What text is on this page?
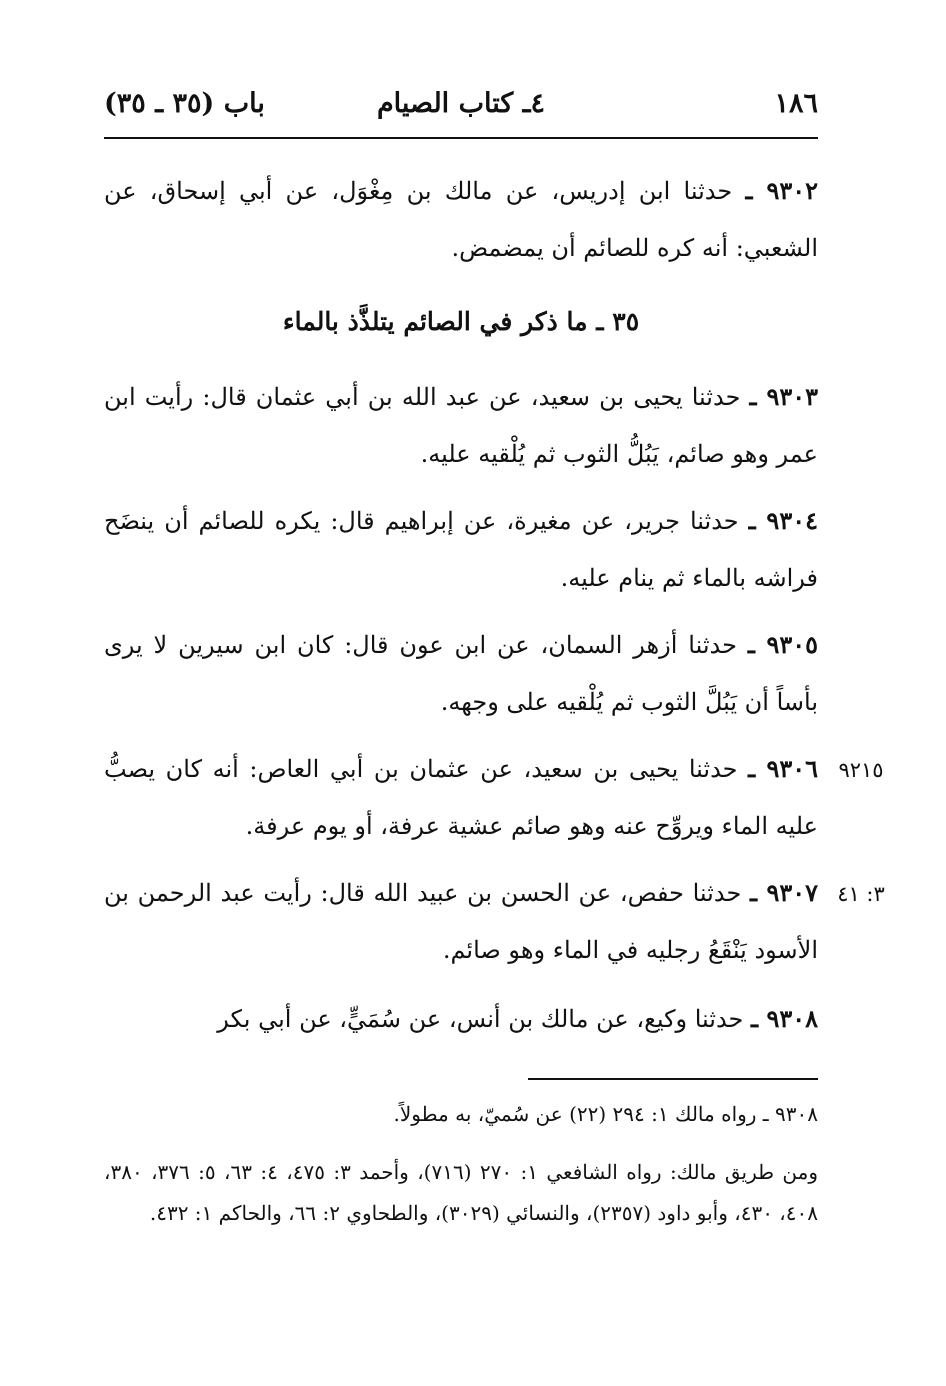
١٨٦
٤ـ كتاب الصيام
باب (٣٥ ـ ٣٥)
٩٣٠٢ ـ حدثنا ابن إدريس، عن مالك بن مِغْوَل، عن أبي إسحاق، عن الشعبي: أنه كره للصائم أن يمضمض.
٣٥ ـ ما ذكر في الصائم يتلذَّذ بالماء
٩٣٠٣ ـ حدثنا يحيى بن سعيد، عن عبد الله بن أبي عثمان قال: رأيت ابن عمر وهو صائم، يَبُلُّ الثوب ثم يُلْقيه عليه.
٩٣٠٤ ـ حدثنا جرير، عن مغيرة، عن إبراهيم قال: يكره للصائم أن ينضَح فراشه بالماء ثم ينام عليه.
٩٣٠٥ ـ حدثنا أزهر السمان، عن ابن عون قال: كان ابن سيرين لا يرى بأساً أن يَبُلَّ الثوب ثم يُلْقيه على وجهه.
٩٢١٥
٩٣٠٦ ـ حدثنا يحيى بن سعيد، عن عثمان بن أبي العاص: أنه كان يصبُّ عليه الماء ويروِّح عنه وهو صائم عشية عرفة، أو يوم عرفة.
٣: ٤١
٩٣٠٧ ـ حدثنا حفص، عن الحسن بن عبيد الله قال: رأيت عبد الرحمن بن الأسود يَنْقَعُ رجليه في الماء وهو صائم.
٩٣٠٨ ـ حدثنا وكيع، عن مالك بن أنس، عن سُمَيٍّ، عن أبي بكر
٩٣٠٨ ـ رواه مالك ١: ٢٩٤ (٢٢) عن سُميّ، به مطولاً.
ومن طريق مالك: رواه الشافعي ١: ٢٧٠ (٧١٦)، وأحمد ٣: ٤٧٥، ٤: ٦٣، ٥: ٣٧٦، ٣٨٠، ٤٠٨، ٤٣٠، وأبو داود (٢٣٥٧)، والنسائي (٣٠٢٩)، والطحاوي ٢: ٦٦، والحاكم ١: ٤٣٢.
